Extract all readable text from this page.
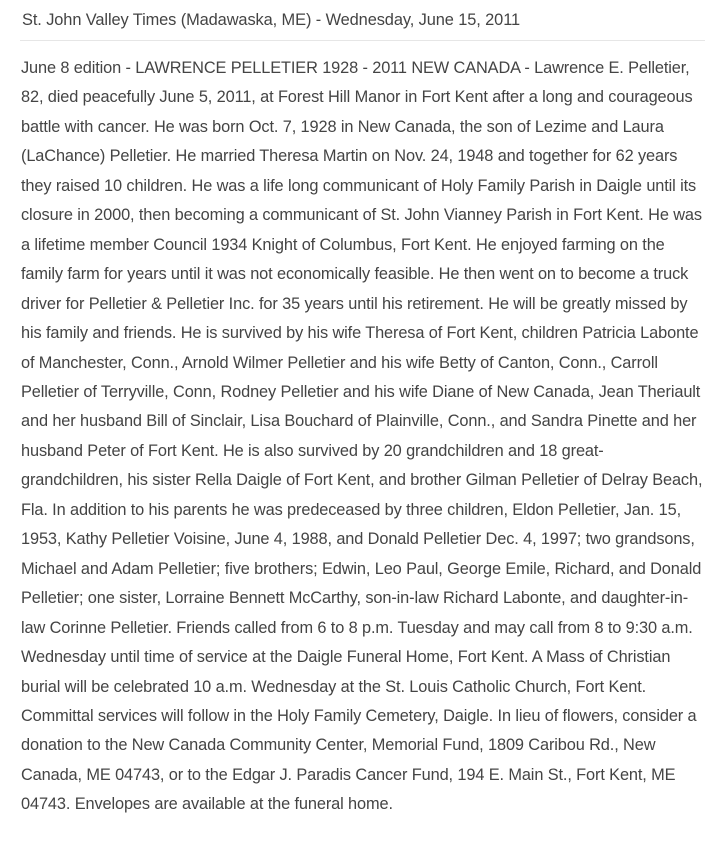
St. John Valley Times (Madawaska, ME) - Wednesday, June 15, 2011

June 8 edition - LAWRENCE PELLETIER 1928 - 2011 NEW CANADA - Lawrence E. Pelletier, 82, died peacefully June 5, 2011, at Forest Hill Manor in Fort Kent after a long and courageous battle with cancer. He was born Oct. 7, 1928 in New Canada, the son of Lezime and Laura (LaChance) Pelletier. He married Theresa Martin on Nov. 24, 1948 and together for 62 years they raised 10 children. He was a life long communicant of Holy Family Parish in Daigle until its closure in 2000, then becoming a communicant of St. John Vianney Parish in Fort Kent. He was a lifetime member Council 1934 Knight of Columbus, Fort Kent. He enjoyed farming on the family farm for years until it was not economically feasible. He then went on to become a truck driver for Pelletier & Pelletier Inc. for 35 years until his retirement. He will be greatly missed by his family and friends. He is survived by his wife Theresa of Fort Kent, children Patricia Labonte of Manchester, Conn., Arnold Wilmer Pelletier and his wife Betty of Canton, Conn., Carroll Pelletier of Terryville, Conn, Rodney Pelletier and his wife Diane of New Canada, Jean Theriault and her husband Bill of Sinclair, Lisa Bouchard of Plainville, Conn., and Sandra Pinette and her husband Peter of Fort Kent. He is also survived by 20 grandchildren and 18 great-grandchildren, his sister Rella Daigle of Fort Kent, and brother Gilman Pelletier of Delray Beach, Fla. In addition to his parents he was predeceased by three children, Eldon Pelletier, Jan. 15, 1953, Kathy Pelletier Voisine, June 4, 1988, and Donald Pelletier Dec. 4, 1997; two grandsons, Michael and Adam Pelletier; five brothers; Edwin, Leo Paul, George Emile, Richard, and Donald Pelletier; one sister, Lorraine Bennett McCarthy, son-in-law Richard Labonte, and daughter-in-law Corinne Pelletier. Friends called from 6 to 8 p.m. Tuesday and may call from 8 to 9:30 a.m. Wednesday until time of service at the Daigle Funeral Home, Fort Kent. A Mass of Christian burial will be celebrated 10 a.m. Wednesday at the St. Louis Catholic Church, Fort Kent. Committal services will follow in the Holy Family Cemetery, Daigle. In lieu of flowers, consider a donation to the New Canada Community Center, Memorial Fund, 1809 Caribou Rd., New Canada, ME 04743, or to the Edgar J. Paradis Cancer Fund, 194 E. Main St., Fort Kent, ME 04743. Envelopes are available at the funeral home.
